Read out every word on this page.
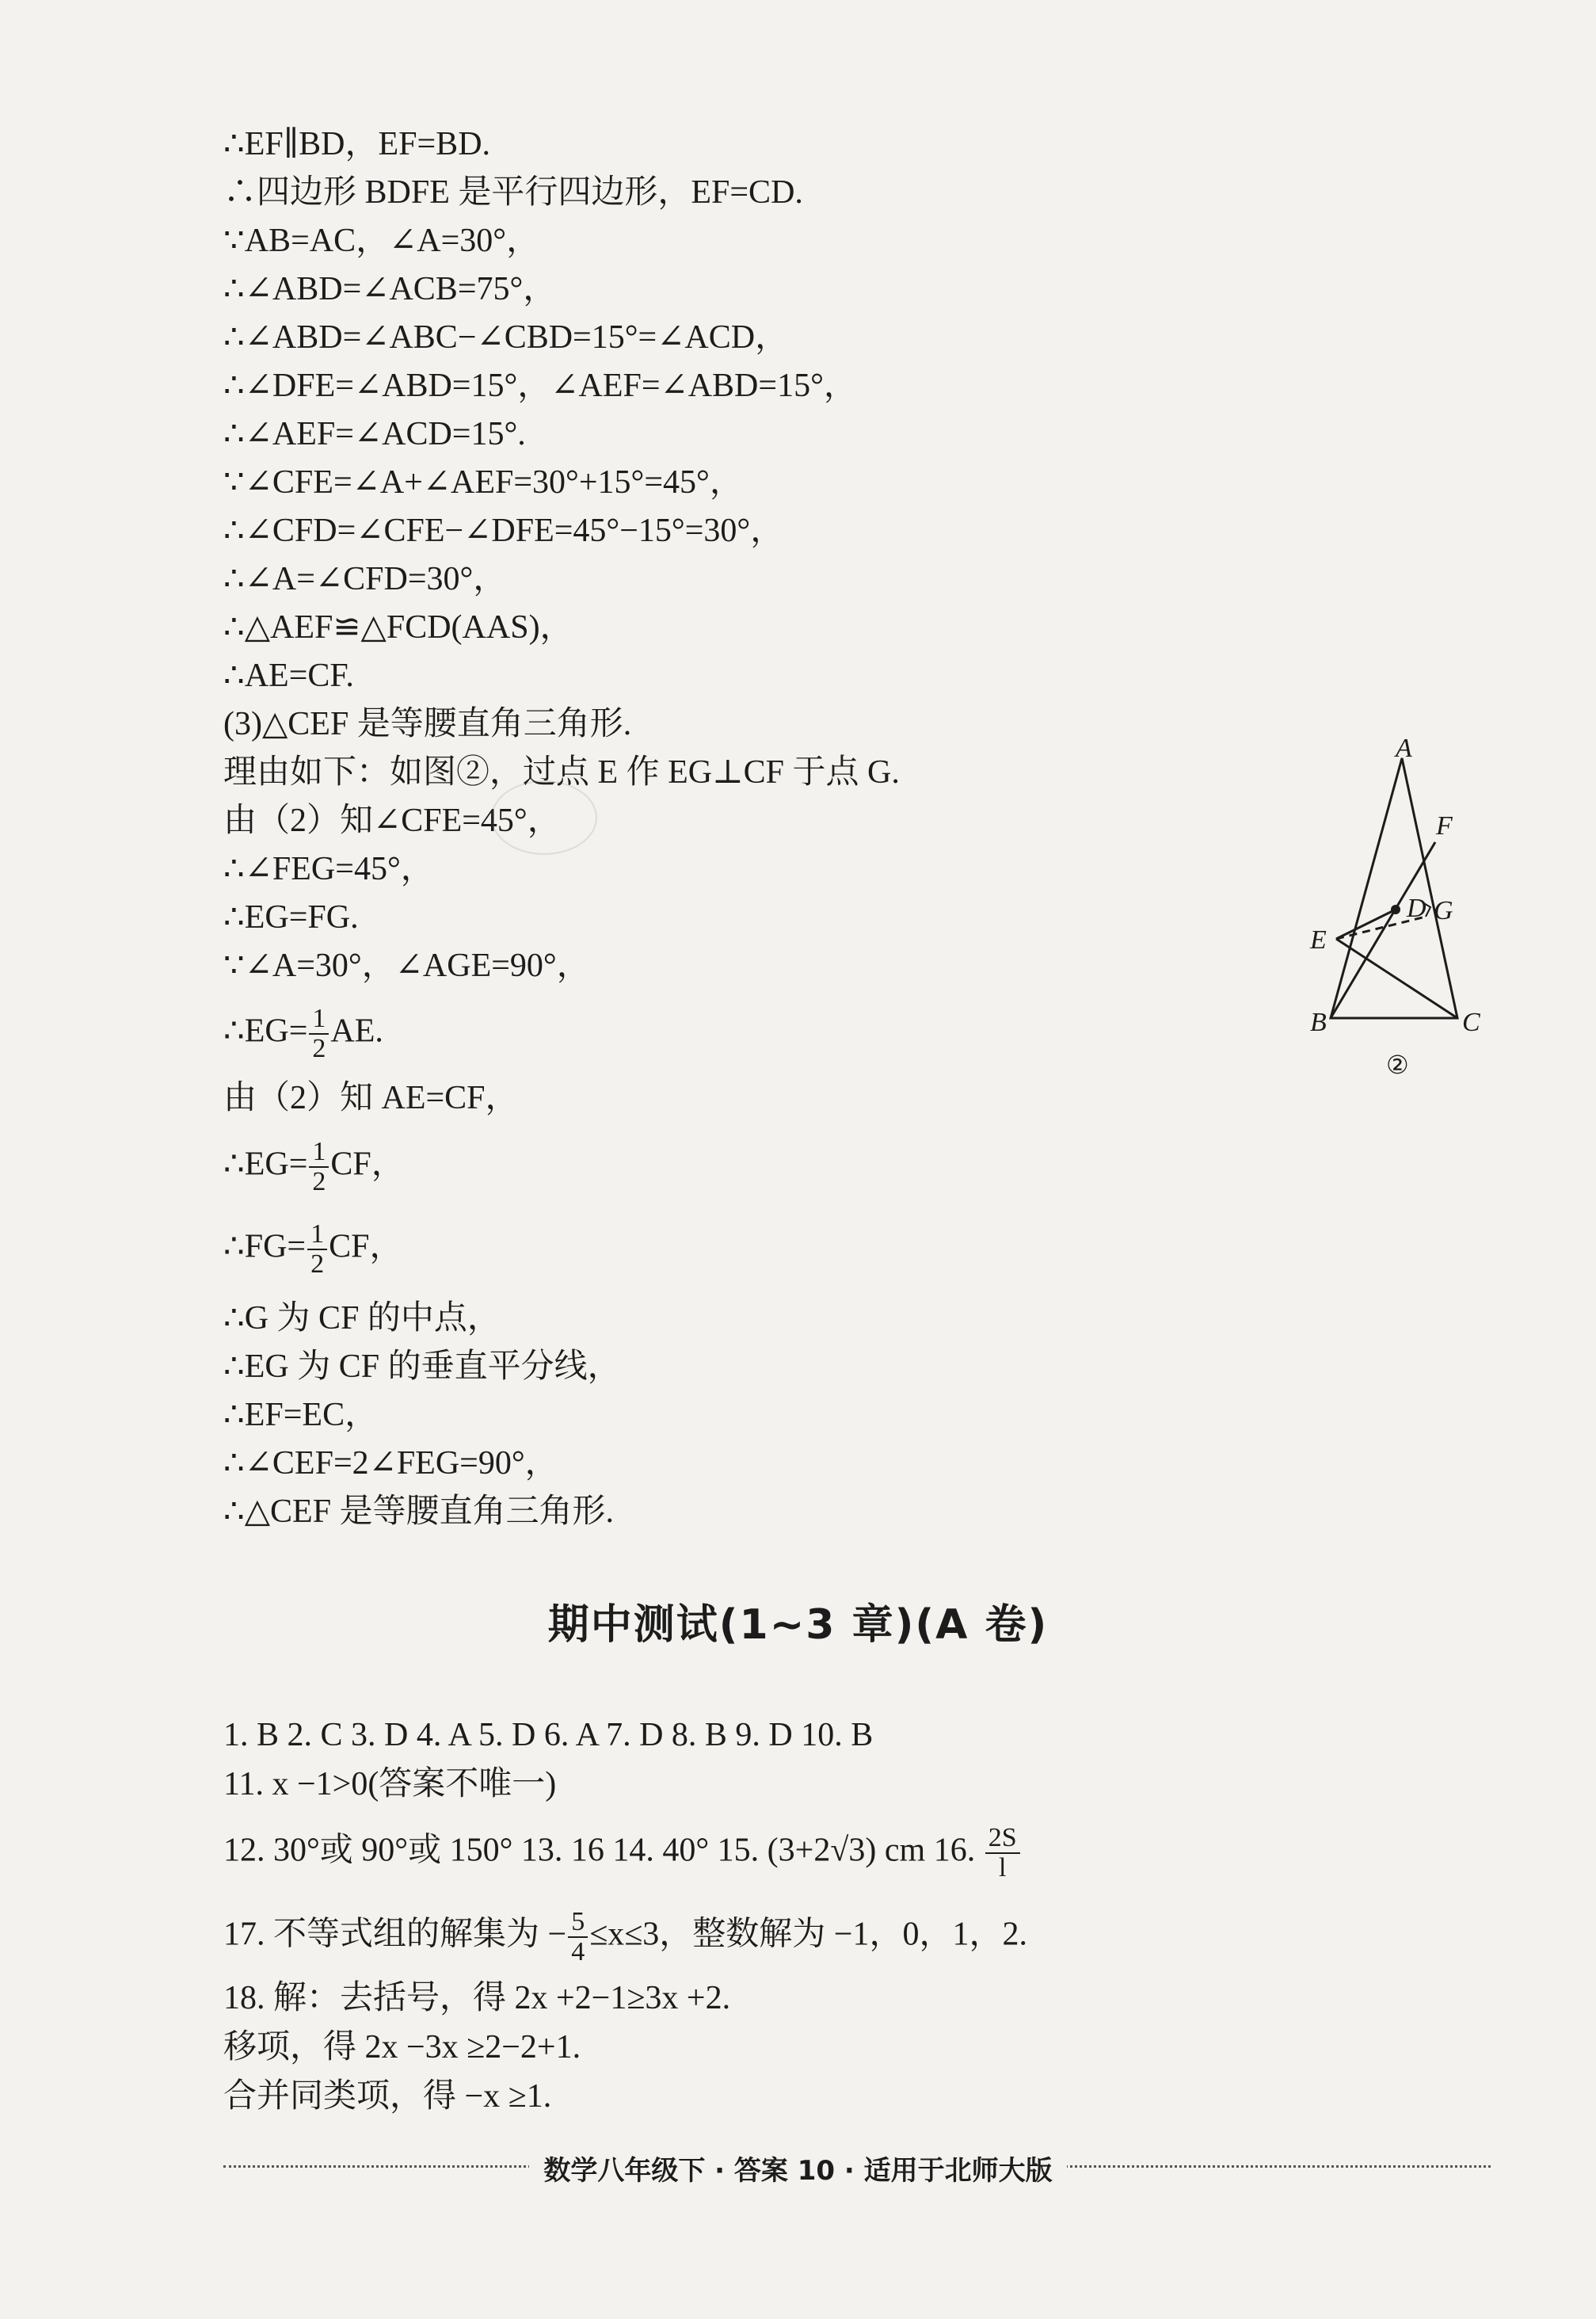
∴EF∥BD，EF=BD.
∴四边形 BDFE 是平行四边形，EF=CD.
∵AB=AC，∠A=30°，
∴∠ABD=∠ACB=75°，
∴∠ABD=∠ABC−∠CBD=15°=∠ACD，
∴∠DFE=∠ABD=15°，∠AEF=∠ABD=15°，
∴∠AEF=∠ACD=15°.
∵∠CFE=∠A+∠AEF=30°+15°=45°，
∴∠CFD=∠CFE−∠DFE=45°−15°=30°，
∴∠A=∠CFD=30°，
∴△AEF≌△FCD(AAS)，
∴AE=CF.
(3)△CEF 是等腰直角三角形.
理由如下：如图②，过点 E 作 EG⊥CF 于点 G.
由（2）知∠CFE=45°，
∴∠FEG=45°，
∴EG=FG.
∵∠A=30°，∠AGE=90°，
∴EG= $\frac{1}{2}$ AE.
由（2）知 AE=CF，
∴EG= $\frac{1}{2}$ CF，
∴FG= $\frac{1}{2}$ CF，
∴G 为 CF 的中点，
∴EG 为 CF 的垂直平分线，
∴EF=EC，
∴∠CEF=2∠FEG=90°，
∴△CEF 是等腰直角三角形.
A
F
D G
E
B	C
②
期中测试(1~3 章)(A 卷)
1. B 2. C 3. D 4. A 5. D 6. A 7. D 8. B 9. D 10. B
11. x −1>0(答案不唯一)
12. 30°或 90°或 150° 13. 16 14. 40° 15. (3+2√3) cm 16. $\frac{2S}{l}$
17. 不等式组的解集为 − $\frac{5}{4} \le x\le 3$，整数解为 −1，0，1，2.
18. 解：去括号，得 2x +2−1≥3x +2.
移项，得 2x −3x ≥2−2+1.
合并同类项，得 −x ≥1.
数学八年级下 · 答案 10 · 适用于北师大版
